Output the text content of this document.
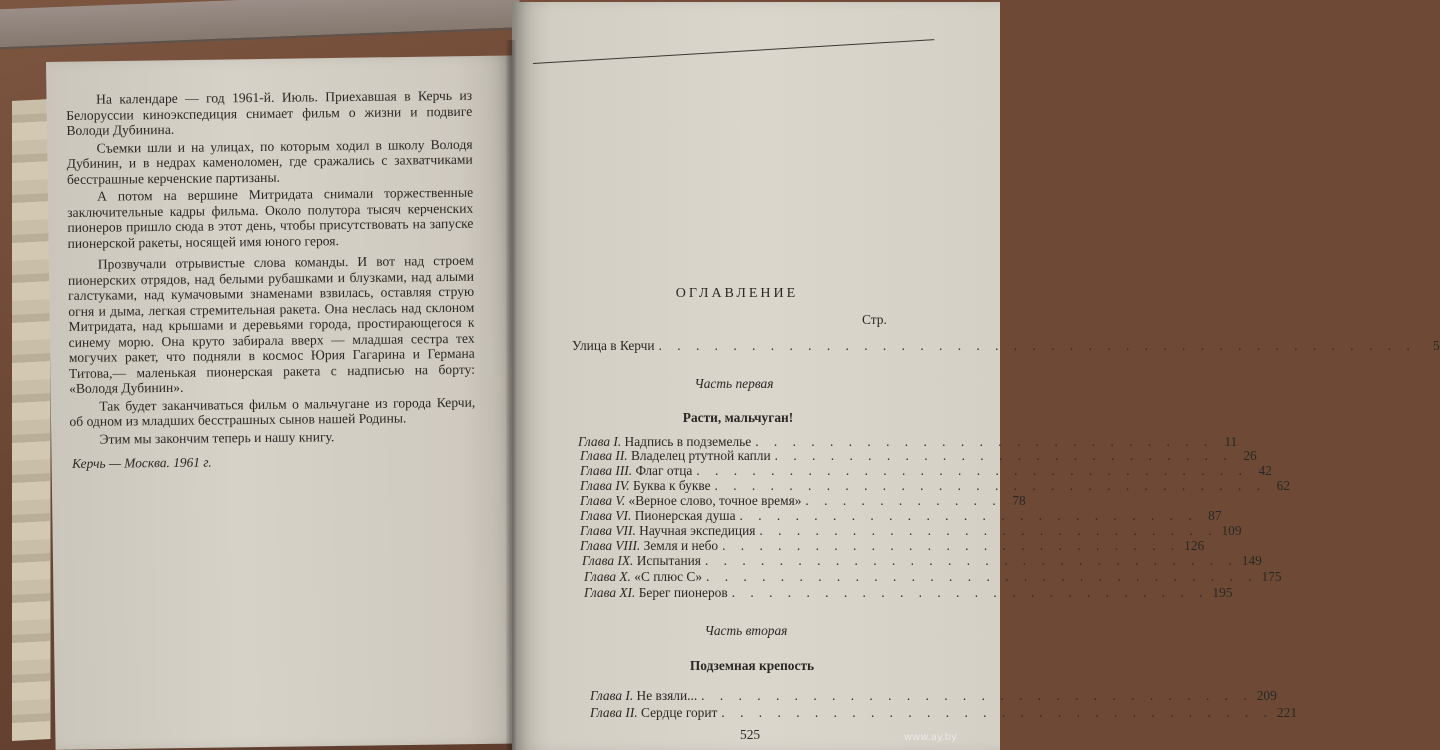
На календаре — год 1961-й. Июль. Приехавшая в Керчь из Белоруссии киноэкспедиция снимает фильм о жизни и подвиге Володи Дубинина.

Съемки шли и на улицах, по которым ходил в школу Володя Дубинин, и в недрах каменоломен, где сражались с захватчиками бесстрашные керченские партизаны.

А потом на вершине Митридата снимали торжественные заключительные кадры фильма. Около полутора тысяч керченских пионеров пришло сюда в этот день, чтобы присутствовать на запуске пионерской ракеты, носящей имя юного героя.

Прозвучали отрывистые слова команды. И вот над строем пионерских отрядов, над белыми рубашками и блузками, над алыми галстуками, над кумачовыми знаменами взвилась, оставляя струю огня и дыма, легкая стремительная ракета. Она неслась над склоном Митридата, над крышами и деревьями города, простирающегося к синему морю. Она круто забирала вверх — младшая сестра тех могучих ракет, что подняли в космос Юрия Гагарина и Германа Титова,— маленькая пионерская ракета с надписью на борту: «Володя Дубинин».

Так будет заканчиваться фильм о мальчугане из города Керчи, об одном из младших бесстрашных сынов нашей Родины.

Этим мы закончим теперь и нашу книгу.

Керчь — Москва. 1961 г.
ОГЛАВЛЕНИЕ
Стр.
Улица в Керчи . . . . . . . . . . . . . . . . . . . . . . . . . . . . . . . . . . . . . . . . .	5
Часть первая
Расти, мальчуган!
Глава I. Надпись в подземелье . . . . . . . . . . . . . . . . . . . . . . . . . 11
Глава II. Владелец ртутной капли . . . . . . . . . . . . . . . . . . . . . . . . . 26
Глава III. Флаг отца . . . . . . . . . . . . . . . . . . . . . . . . . . . . . . 42
Глава IV. Буква к букве . . . . . . . . . . . . . . . . . . . . . . . . . . . . . . 62
Глава V. «Верное слово, точное время» . . . . . . . . . . . 78
Глава VI. Пионерская душа . . . . . . . . . . . . . . . . . . . . . . . . . 87
Глава VII. Научная экспедиция . . . . . . . . . . . . . . . . . . . . . . . . . 109
Глава VIII. Земля и небо . . . . . . . . . . . . . . . . . . . . . . . . . 126
Глава IX. Испытания . . . . . . . . . . . . . . . . . . . . . . . . . . . . . 149
Глава X. «С плюс С» . . . . . . . . . . . . . . . . . . . . . . . . . . . . . . 175
Глава XI. Берег пионеров . . . . . . . . . . . . . . . . . . . . . . . . . . 195
Часть вторая
Подземная крепость
Глава I. Не взяли... . . . . . . . . . . . . . . . . . . . . . . . . . . . . . . 209
Глава II. Сердце горит . . . . . . . . . . . . . . . . . . . . . . . . . . . . . . 221
525	www.ay.by
